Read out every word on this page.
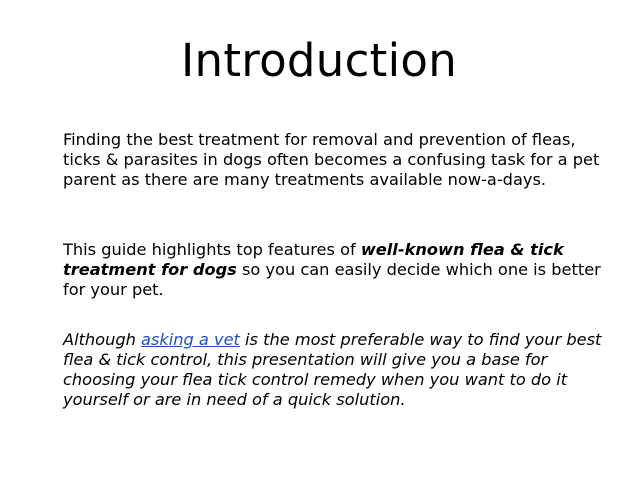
Introduction

Finding the best treatment for removal and prevention of fleas, ticks & parasites in dogs often becomes a confusing task for a pet parent as there are many treatments available now-a-days.

This guide highlights top features of well-known flea & tick treatment for dogs so you can easily decide which one is better for your pet.

Although asking a vet is the most preferable way to find your best flea & tick control, this presentation will give you a base for choosing your flea tick control remedy when you want to do it yourself or are in need of a quick solution.
